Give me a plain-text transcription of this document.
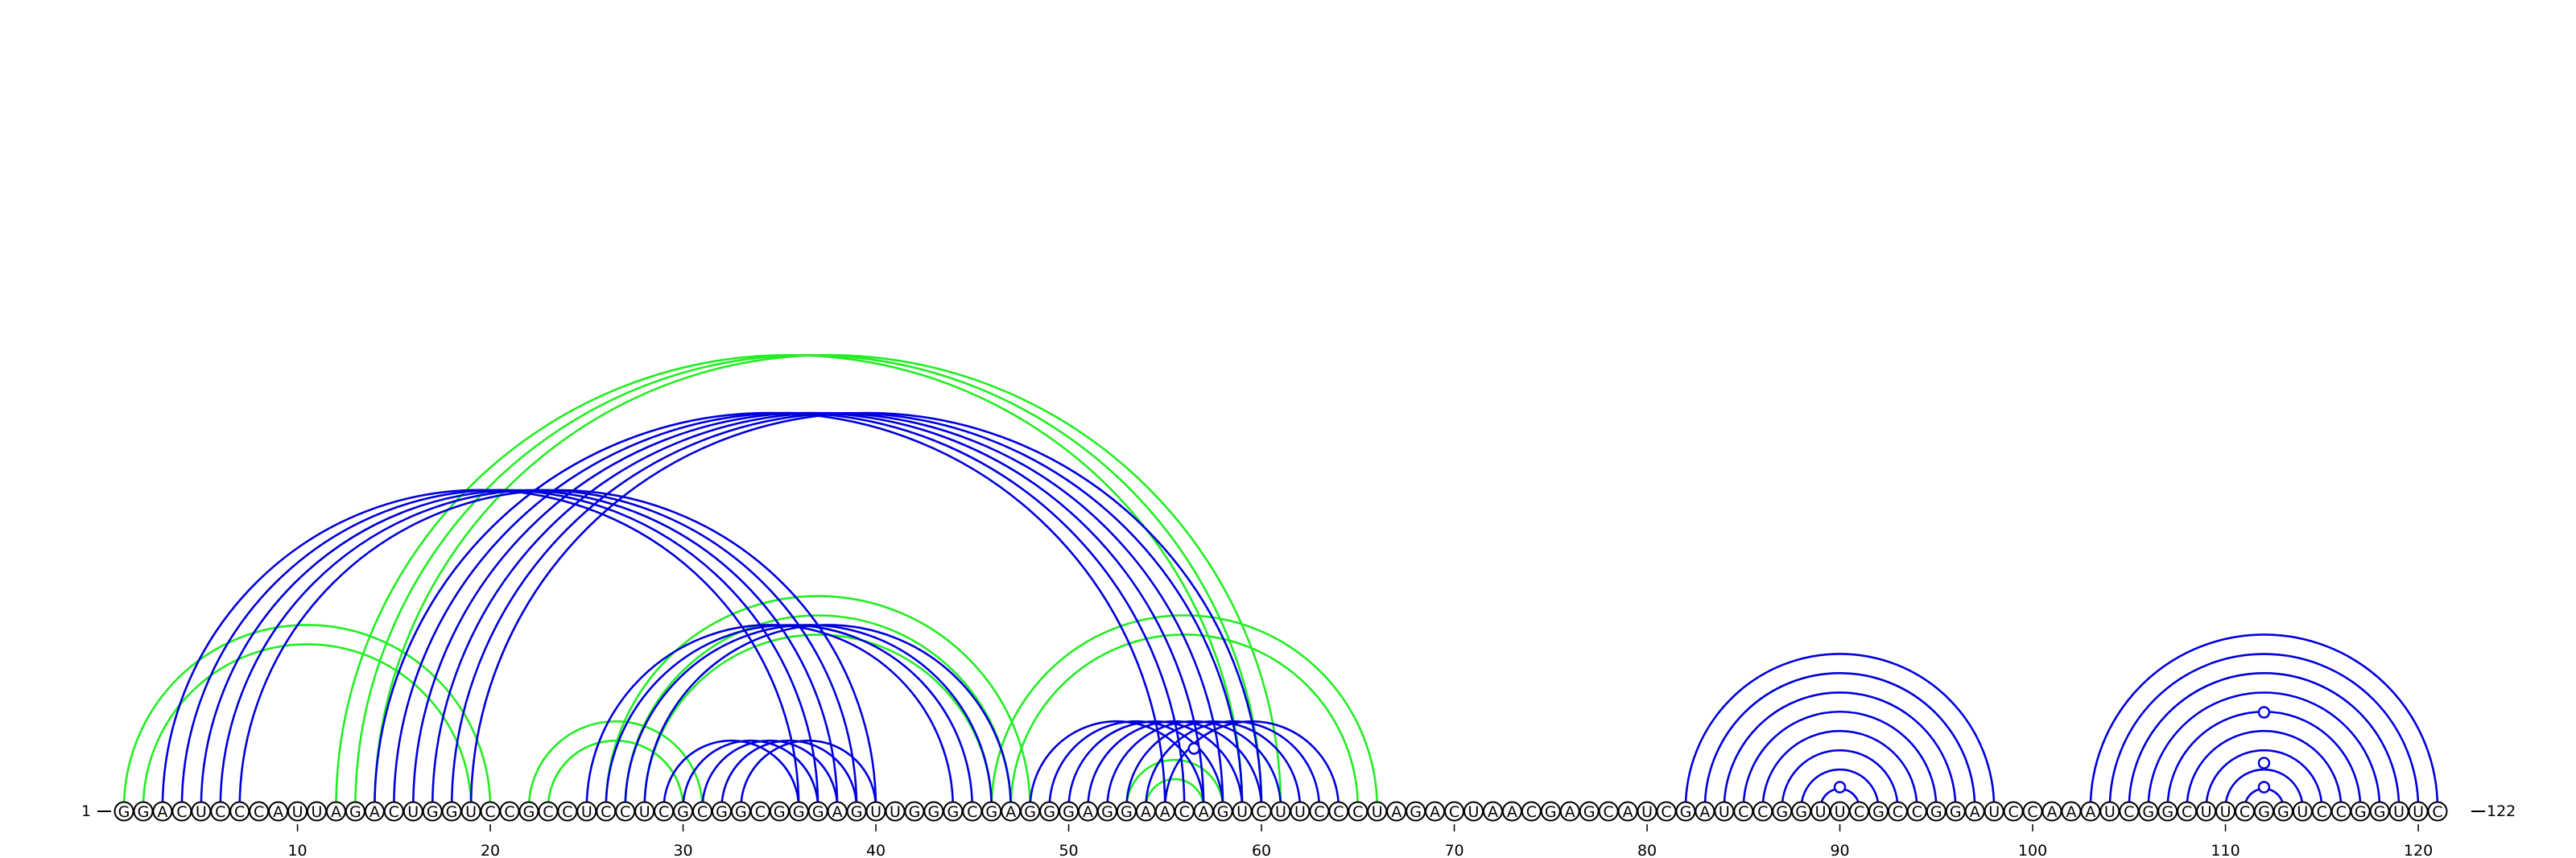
1 G G A C U C C C A U U A G A C U G G U C C G C C U C C U C G C G G C G G G A G U U G G G C G A G G G A G G A A C A G U C U U C C C U A G A C U A A C G A G C A U C G A U C C G G U U C G C C G G A U C C A A A U C G G C U U C G G U C C G G U U C	122
10	20	30	40	50	60	70	80	90	100	110	120
